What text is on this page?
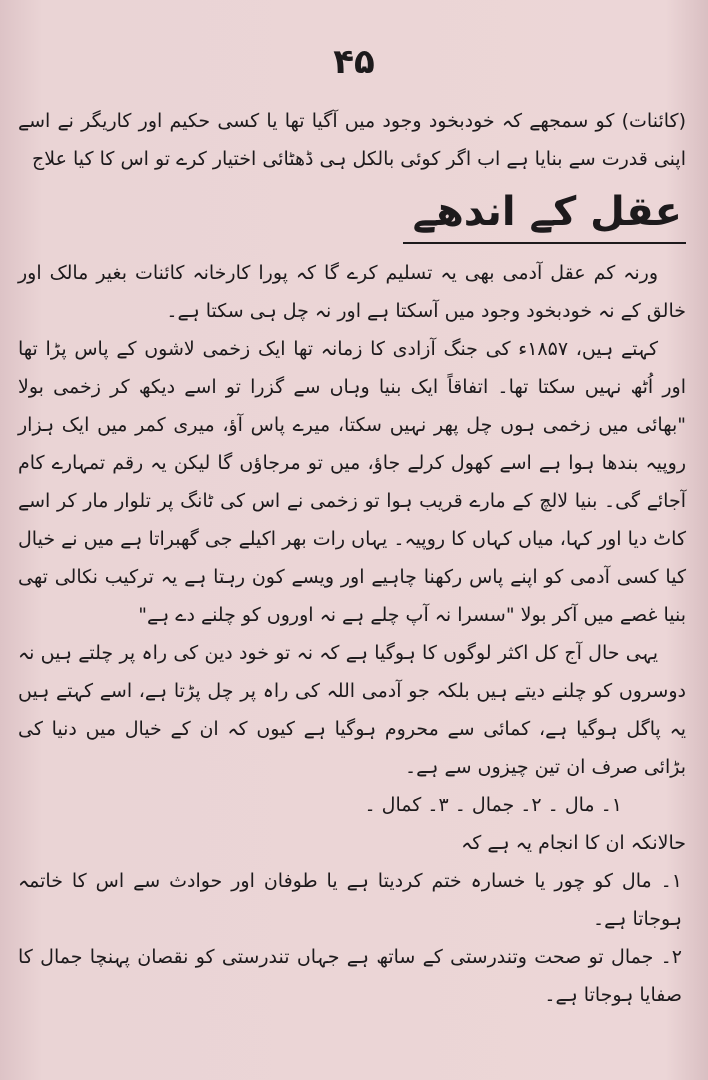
۴۵

(کائنات) کو سمجھے کہ خودبخود وجود میں آگیا تھا یا کسی حکیم اور کاریگر نے اسے اپنی قدرت سے بنایا ہے اب اگر کوئی بالکل ہی ڈھٹائی اختیار کرے تو اس کا کیا علاج

عقل کے اندھے

ورنہ کم عقل آدمی بھی یہ تسلیم کرے گا کہ پورا کارخانہ کائنات بغیر مالک اور خالق کے نہ خودبخود وجود میں آسکتا ہے اور نہ چل ہی سکتا ہے۔

کہتے ہیں، ۱۸۵۷ء کی جنگ آزادی کا زمانہ تھا ایک زخمی لاشوں کے پاس پڑا تھا اور اُٹھ نہیں سکتا تھا۔ اتفاقاً ایک بنیا وہاں سے گزرا تو اسے دیکھ کر زخمی بولا "بھائی میں زخمی ہوں چل پھر نہیں سکتا، میرے پاس آؤ، میری کمر میں ایک ہزار روپیہ بندھا ہوا ہے اسے کھول کرلے جاؤ، میں تو مرجاؤں گا لیکن یہ رقم تمہارے کام آجائے گی۔ بنیا لالچ کے مارے قریب ہوا تو زخمی نے اس کی ٹانگ پر تلوار مار کر اسے کاٹ دیا اور کہا، میاں کہاں کا روپیہ۔ یہاں رات بھر اکیلے جی گھبراتا ہے میں نے خیال کیا کسی آدمی کو اپنے پاس رکھنا چاہیے اور ویسے کون رہتا ہے یہ ترکیب نکالی تھی بنیا غصے میں آکر بولا "سسرا نہ آپ چلے ہے نہ اوروں کو چلنے دے ہے"

یہی حال آج کل اکثر لوگوں کا ہوگیا ہے کہ نہ تو خود دین کی راہ پر چلتے ہیں نہ دوسروں کو چلنے دیتے ہیں بلکہ جو آدمی اللہ کی راہ پر چل پڑتا ہے، اسے کہتے ہیں یہ پاگل ہوگیا ہے، کمائی سے محروم ہوگیا ہے کیوں کہ ان کے خیال میں دنیا کی بڑائی صرف ان تین چیزوں سے ہے۔

۱۔ مال ۔ ۲۔ جمال ۔ ۳۔ کمال ۔

حالانکہ ان کا انجام یہ ہے کہ

۱۔ مال کو چور یا خسارہ ختم کردیتا ہے یا طوفان اور حوادث سے اس کا خاتمہ ہوجاتا ہے۔

۲۔ جمال تو صحت وتندرستی کے ساتھ ہے جہاں تندرستی کو نقصان پہنچا جمال کا صفایا ہوجاتا ہے۔
